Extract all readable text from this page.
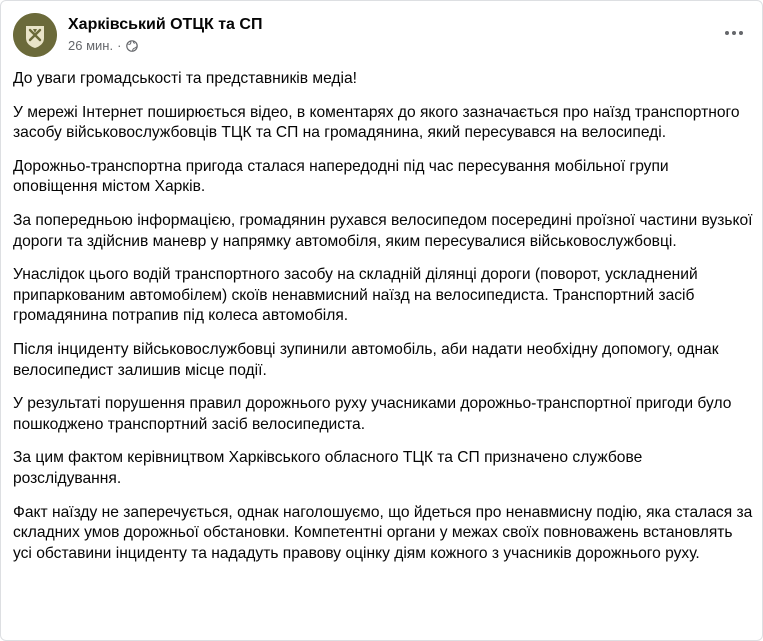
Харківський ОТЦК та СП
26 мин. ·

До уваги громадськості та представників медіа!

У мережі Інтернет поширюється відео, в коментарях до якого зазначається про наїзд транспортного засобу військовослужбовців ТЦК та СП на громадянина, який пересувався на велосипеді.

Дорожньо-транспортна пригода сталася напередодні під час пересування мобільної групи оповіщення містом Харків.

За попередньою інформацією, громадянин рухався велосипедом посередині проїзної частини вузької дороги та здійснив маневр у напрямку автомобіля, яким пересувалися військовослужбовці.

Унаслідок цього водій транспортного засобу на складній ділянці дороги (поворот, ускладнений припаркованим автомобілем) скоїв ненавмисний наїзд на велосипедиста. Транспортний засіб громадянина потрапив під колеса автомобіля.

Після інциденту військовослужбовці зупинили автомобіль, аби надати необхідну допомогу, однак велосипедист залишив місце події.

У результаті порушення правил дорожнього руху учасниками дорожньо-транспортної пригоди було пошкоджено транспортний засіб велосипедиста.

За цим фактом керівництвом Харківського обласного ТЦК та СП призначено службове розслідування.

Факт наїзду не заперечується, однак наголошуємо, що йдеться про ненавмисну подію, яка сталася за складних умов дорожньої обстановки. Компетентні органи у межах своїх повноважень встановлять усі обставини інциденту та нададуть правову оцінку діям кожного з учасників дорожнього руху.
